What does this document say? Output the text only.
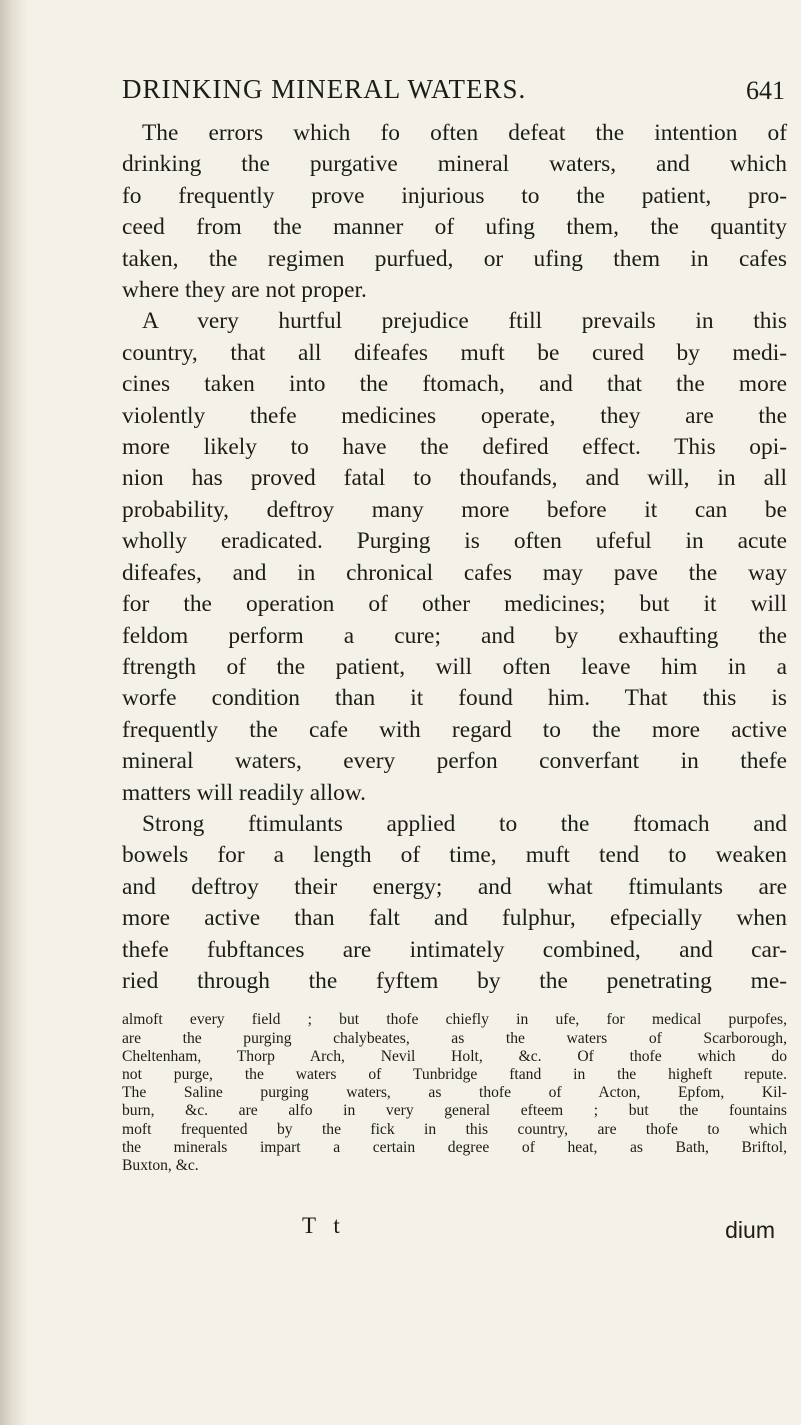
DRINKING MINERAL WATERS.	641
The errors which fo often defeat the intention of
drinking the purgative mineral waters, and which
fo frequently prove injurious to the patient, pro-
ceed from the manner of ufing them, the quantity
taken, the regimen purfued, or ufing them in cafes
where they are not proper.
A very hurtful prejudice ftill prevails in this
country, that all difeafes muft be cured by medi-
cines taken into the ftomach, and that the more
violently thefe medicines operate, they are the
more likely to have the defired effect. This opi-
nion has proved fatal to thoufands, and will, in all
probability, deftroy many more before it can be
wholly eradicated. Purging is often ufeful in acute
difeafes, and in chronical cafes may pave the way
for the operation of other medicines; but it will
feldom perform a cure; and by exhaufting the
ftrength of the patient, will often leave him in a
worfe condition than it found him. That this is
frequently the cafe with regard to the more active
mineral waters, every perfon converfant in thefe
matters will readily allow.
Strong ftimulants applied to the ftomach and
bowels for a length of time, muft tend to weaken
and deftroy their energy; and what ftimulants are
more active than falt and fulphur, efpecially when
thefe fubftances are intimately combined, and car-
ried through the fyftem by the penetrating me-
almoft every field ; but thofe chiefly in ufe, for medical purpofes,
are the purging chalybeates, as the waters of Scarborough,
Cheltenham, Thorp Arch, Nevil Holt, &c. Of thofe which do
not purge, the waters of Tunbridge ftand in the higheft repute.
The Saline purging waters, as thofe of Acton, Epfom, Kil-
burn, &c. are alfo in very general efteem ; but the fountains
moft frequented by the fick in this country, are thofe to which
the minerals impart a certain degree of heat, as Bath, Briftol,
Buxton, &c.
T t	dium
